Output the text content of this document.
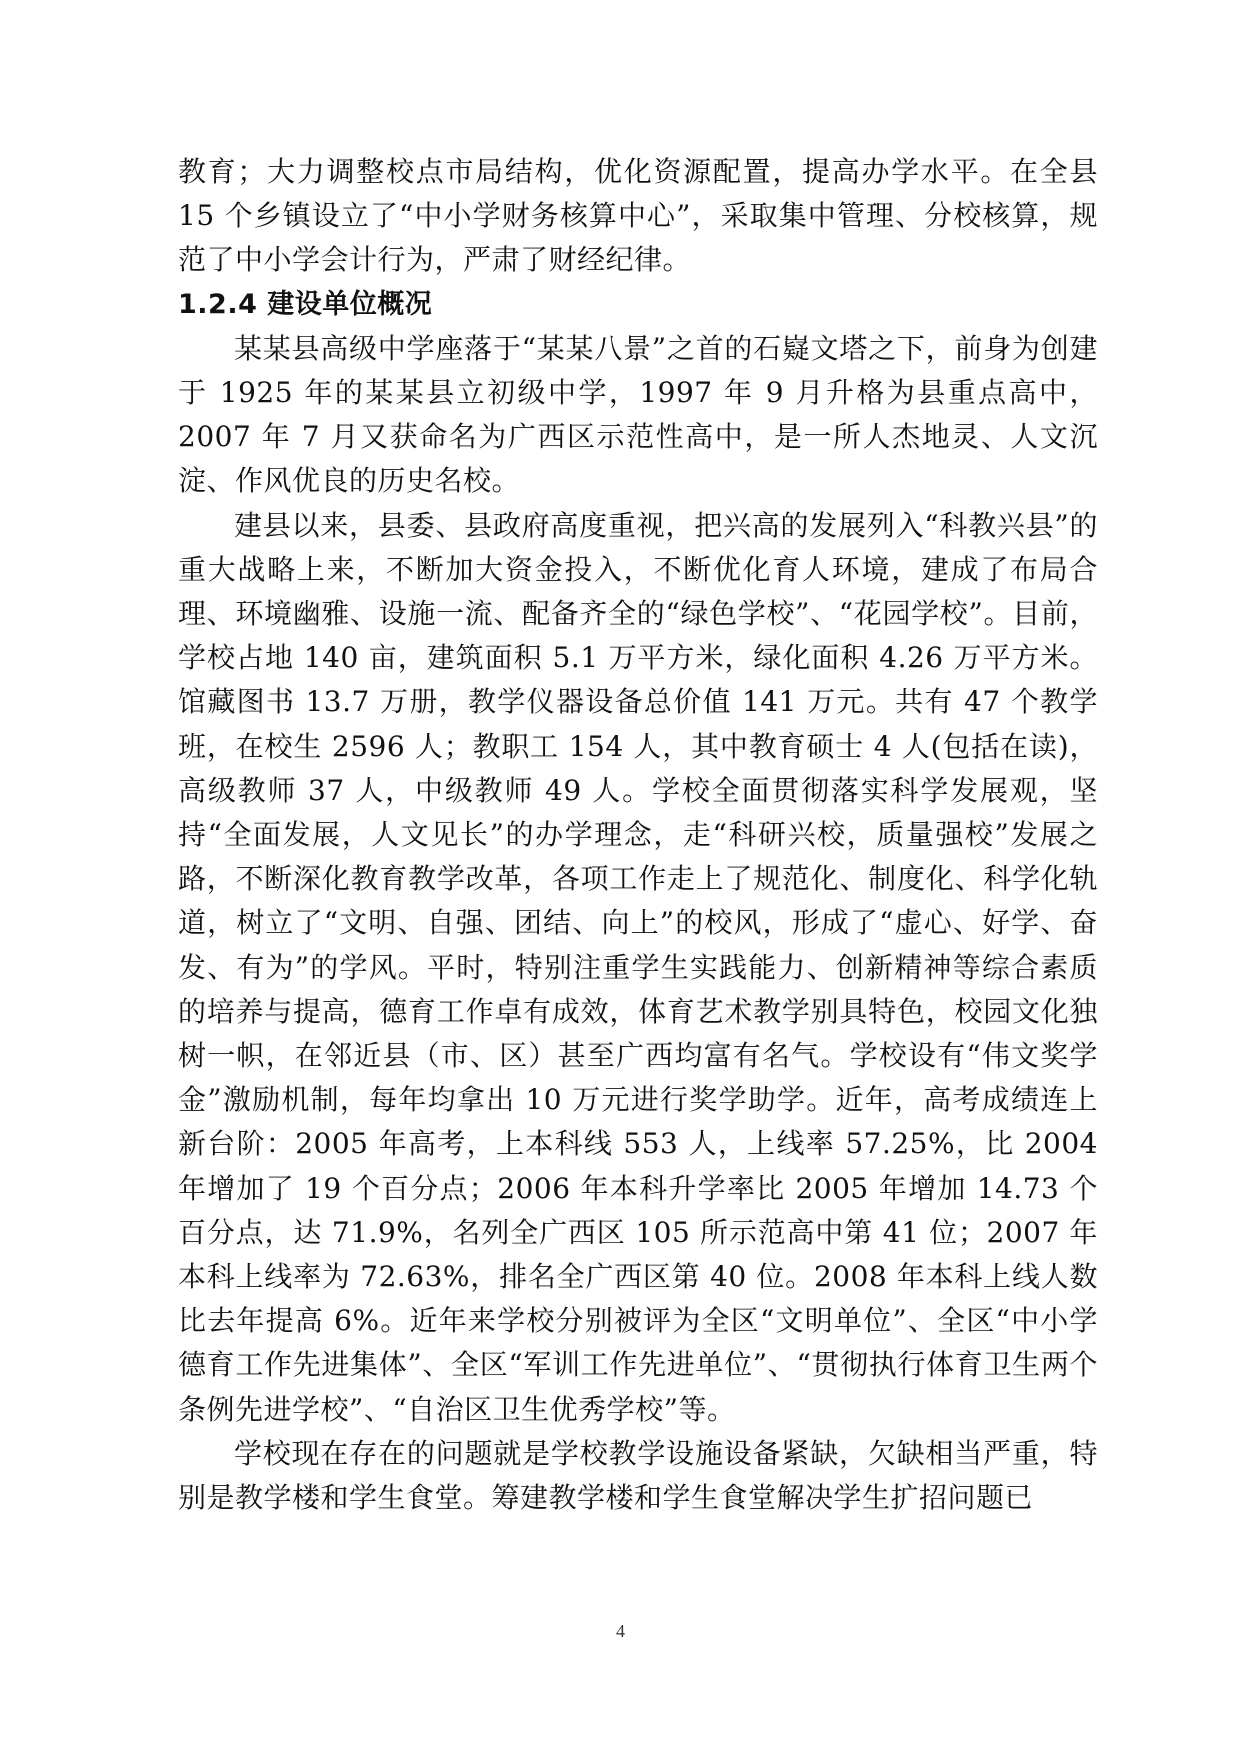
教育；大力调整校点市局结构，优化资源配置，提高办学水平。在全县 15 个乡镇设立了“中小学财务核算中心”，采取集中管理、分校核算，规范了中小学会计行为，严肃了财经纪律。

1.2.4 建设单位概况

某某县高级中学座落于“某某八景”之首的石嶷文塔之下，前身为创建于 1925 年的某某县立初级中学，1997 年 9 月升格为县重点高中，2007 年 7 月又获命名为广西区示范性高中，是一所人杰地灵、人文沉淀、作风优良的历史名校。

建县以来，县委、县政府高度重视，把兴高的发展列入“科教兴县”的重大战略上来，不断加大资金投入，不断优化育人环境，建成了布局合理、环境幽雅、设施一流、配备齐全的“绿色学校”、“花园学校”。目前，学校占地 140 亩，建筑面积 5.1 万平方米，绿化面积 4.26 万平方米。馆藏图书 13.7 万册，教学仪器设备总价值 141 万元。共有 47 个教学班，在校生 2596 人；教职工 154 人，其中教育硕士 4 人(包括在读)，高级教师 37 人，中级教师 49 人。学校全面贯彻落实科学发展观，坚持“全面发展，人文见长”的办学理念，走“科研兴校，质量强校”发展之路，不断深化教育教学改革，各项工作走上了规范化、制度化、科学化轨道，树立了“文明、自强、团结、向上”的校风，形成了“虚心、好学、奋发、有为”的学风。平时，特别注重学生实践能力、创新精神等综合素质的培养与提高，德育工作卓有成效，体育艺术教学别具特色，校园文化独树一帜，在邻近县（市、区）甚至广西均富有名气。学校设有“伟文奖学金”激励机制，每年均拿出 10 万元进行奖学助学。近年，高考成绩连上新台阶：2005 年高考，上本科线 553 人，上线率 57.25%，比 2004 年增加了 19 个百分点；2006 年本科升学率比 2005 年增加 14.73 个百分点，达 71.9%，名列全广西区 105 所示范高中第 41 位；2007 年本科上线率为 72.63%，排名全广西区第 40 位。2008 年本科上线人数比去年提高 6%。近年来学校分别被评为全区“文明单位”、全区“中小学德育工作先进集体”、全区“军训工作先进单位”、“贯彻执行体育卫生两个条例先进学校”、“自治区卫生优秀学校”等。

学校现在存在的问题就是学校教学设施设备紧缺，欠缺相当严重，特别是教学楼和学生食堂。筹建教学楼和学生食堂解决学生扩招问题已

4
